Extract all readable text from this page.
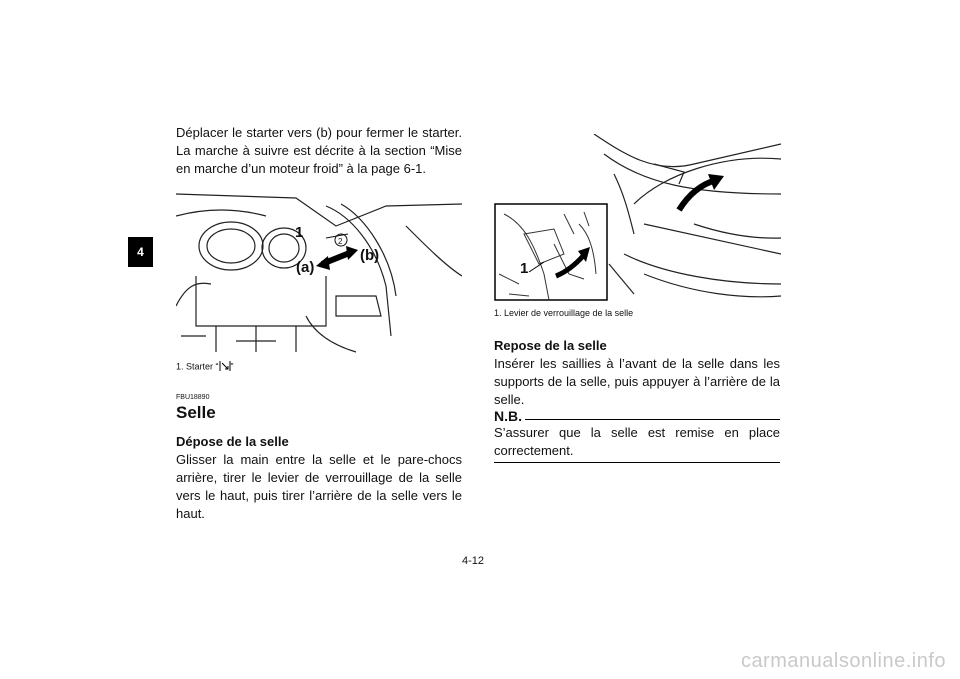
4
Déplacer le starter vers (b) pour fermer le starter. La marche à suivre est décrite à la section “Mise en marche d’un moteur froid” à la page 6-1.
2
1
(a)
(b)
1. Starter “ ”
FBU18890
Selle
Dépose de la selle
Glisser la main entre la selle et le pare-chocs arrière, tirer le levier de verrouillage de la selle vers le haut, puis tirer l’arrière de la selle vers le haut.
1
1. Levier de verrouillage de la selle
Repose de la selle
Insérer les saillies à l’avant de la selle dans les supports de la selle, puis appuyer à l’arrière de la selle.
N.B.
S’assurer que la selle est remise en place correctement.
4-12
carmanualsonline.info
